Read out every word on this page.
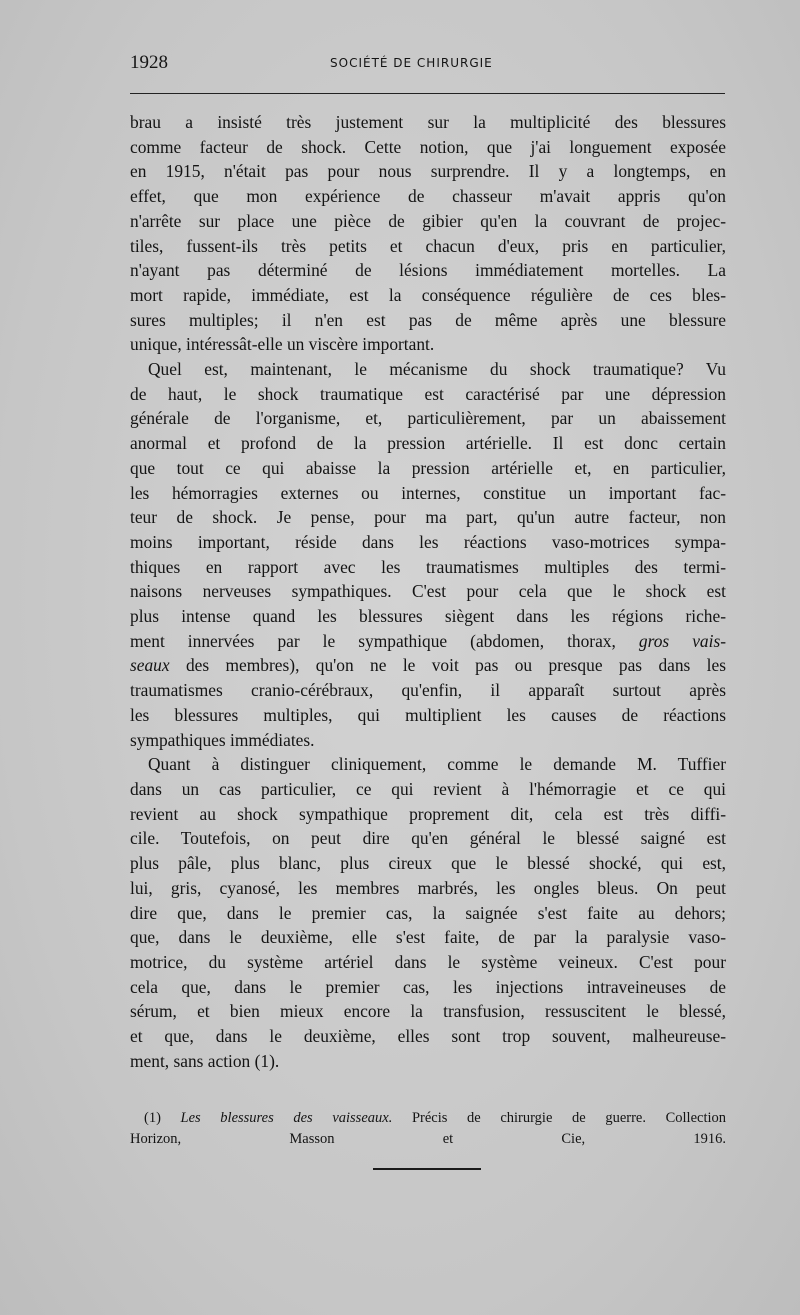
1928	SOCIÉTÉ DE CHIRURGIE

brau a insisté très justement sur la multiplicité des blessures
comme facteur de shock. Cette notion, que j'ai longuement exposée
en 1915, n'était pas pour nous surprendre. Il y a longtemps, en
effet, que mon expérience de chasseur m'avait appris qu'on
n'arrête sur place une pièce de gibier qu'en la couvrant de projec-
tiles, fussent-ils très petits et chacun d'eux, pris en particulier,
n'ayant pas déterminé de lésions immédiatement mortelles. La
mort rapide, immédiate, est la conséquence régulière de ces bles-
sures multiples; il n'en est pas de même après une blessure
unique, intéressât-elle un viscère important.

Quel est, maintenant, le mécanisme du shock traumatique? Vu
de haut, le shock traumatique est caractérisé par une dépression
générale de l'organisme, et, particulièrement, par un abaissement
anormal et profond de la pression artérielle. Il est donc certain
que tout ce qui abaisse la pression artérielle et, en particulier,
les hémorragies externes ou internes, constitue un important fac-
teur de shock. Je pense, pour ma part, qu'un autre facteur, non
moins important, réside dans les réactions vaso-motrices sympa-
thiques en rapport avec les traumatismes multiples des termi-
naisons nerveuses sympathiques. C'est pour cela que le shock est
plus intense quand les blessures siègent dans les régions riche-
ment innervées par le sympathique (abdomen, thorax, gros vais-
seaux des membres), qu'on ne le voit pas ou presque pas dans les
traumatismes cranio-cérébraux, qu'enfin, il apparaît surtout après
les blessures multiples, qui multiplient les causes de réactions
sympathiques immédiates.

Quant à distinguer cliniquement, comme le demande M. Tuffier
dans un cas particulier, ce qui revient à l'hémorragie et ce qui
revient au shock sympathique proprement dit, cela est très diffi-
cile. Toutefois, on peut dire qu'en général le blessé saigné est
plus pâle, plus blanc, plus cireux que le blessé shocké, qui est,
lui, gris, cyanosé, les membres marbrés, les ongles bleus. On peut
dire que, dans le premier cas, la saignée s'est faite au dehors;
que, dans le deuxième, elle s'est faite, de par la paralysie vaso-
motrice, du système artériel dans le système veineux. C'est pour
cela que, dans le premier cas, les injections intraveineuses de
sérum, et bien mieux encore la transfusion, ressuscitent le blessé,
et que, dans le deuxième, elles sont trop souvent, malheureuse-
ment, sans action (1).

(1) Les blessures des vaisseaux. Précis de chirurgie de guerre. Collection
Horizon, Masson et Cie, 1916.
